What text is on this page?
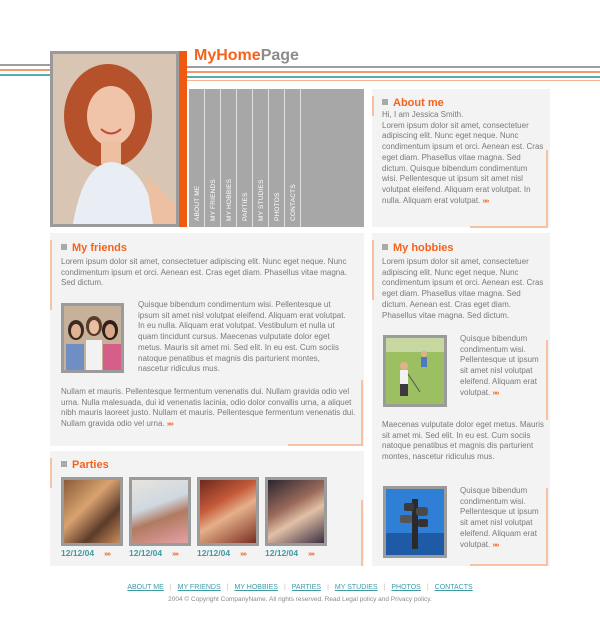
MyHomePage
ABOUT ME MY FRIENDS MY HOBBIES PARTIES MY STUDIES PHOTOS CONTACTS
About me
Hi, I am Jessica Smith.
Lorem ipsum dolor sit amet, consectetuer adipiscing elit. Nunc eget neque. Nunc condimentum ipsum et orci. Aenean est. Cras eget diam. Phasellus vitae magna. Sed dictum. Quisque bibendum condimentum wisi. Pellentesque ut ipsum sit amet nisl volutpat eleifend. Aliquam erat volutpat. In nulla. Aliquam erat volutpat. »»
My friends
Lorem ipsum dolor sit amet, consectetuer adipiscing elit. Nunc eget neque. Nunc condimentum ipsum et orci. Aenean est. Cras eget diam. Phasellus vitae magna. Sed dictum.
Quisque bibendum condimentum wisi. Pellentesque ut ipsum sit amet nisl volutpat eleifend. Aliquam erat volutpat. In eu nulla. Aliquam erat volutpat. Vestibulum et nulla ut quam tincidunt cursus. Maecenas vulputate dolor eget metus. Mauris sit amet mi. Sed elit. In eu est. Cum sociis natoque penatibus et magnis dis parturient montes, nascetur ridiculus mus.
Nullam et mauris. Pellentesque fermentum venenatis dui. Nullam gravida odio vel urna. Nulla malesuada, dui id venenatis lacinia, odio dolor convallis urna, a aliquet nibh mauris laoreet justo. Nullam et mauris. Pellentesque fermentum venenatis dui. Nullam gravida odio vel urna. »»
Parties
12/12/04 »» 12/12/04 »» 12/12/04 »» 12/12/04 »»
My hobbies
Lorem ipsum dolor sit amet, consectetuer adipiscing elit. Nunc eget neque. Nunc condimentum ipsum et orci. Aenean est. Cras eget diam. Phasellus vitae magna. Sed dictum. Aenean est. Cras eget diam. Phasellus vitae magna. Sed dictum.
Quisque bibendum condimentum wisi. Pellentesque ut ipsum sit amet nisl volutpat eleifend. Aliquam erat volutpat. »»
Maecenas vulputate dolor eget metus. Mauris sit amet mi. Sed elit. In eu est. Cum sociis natoque penatibus et magnis dis parturient montes, nascetur ridiculus mus.
Quisque bibendum condimentum wisi. Pellentesque ut ipsum sit amet nisl volutpat eleifend. Aliquam erat volutpat. »»
ABOUT ME | MY FRIENDS | MY HOBBIES | PARTIES | MY STUDIES | PHOTOS | CONTACTS
2004 © Copyright CompanyName. All rights reserved. Read Legal policy and Privacy policy.
